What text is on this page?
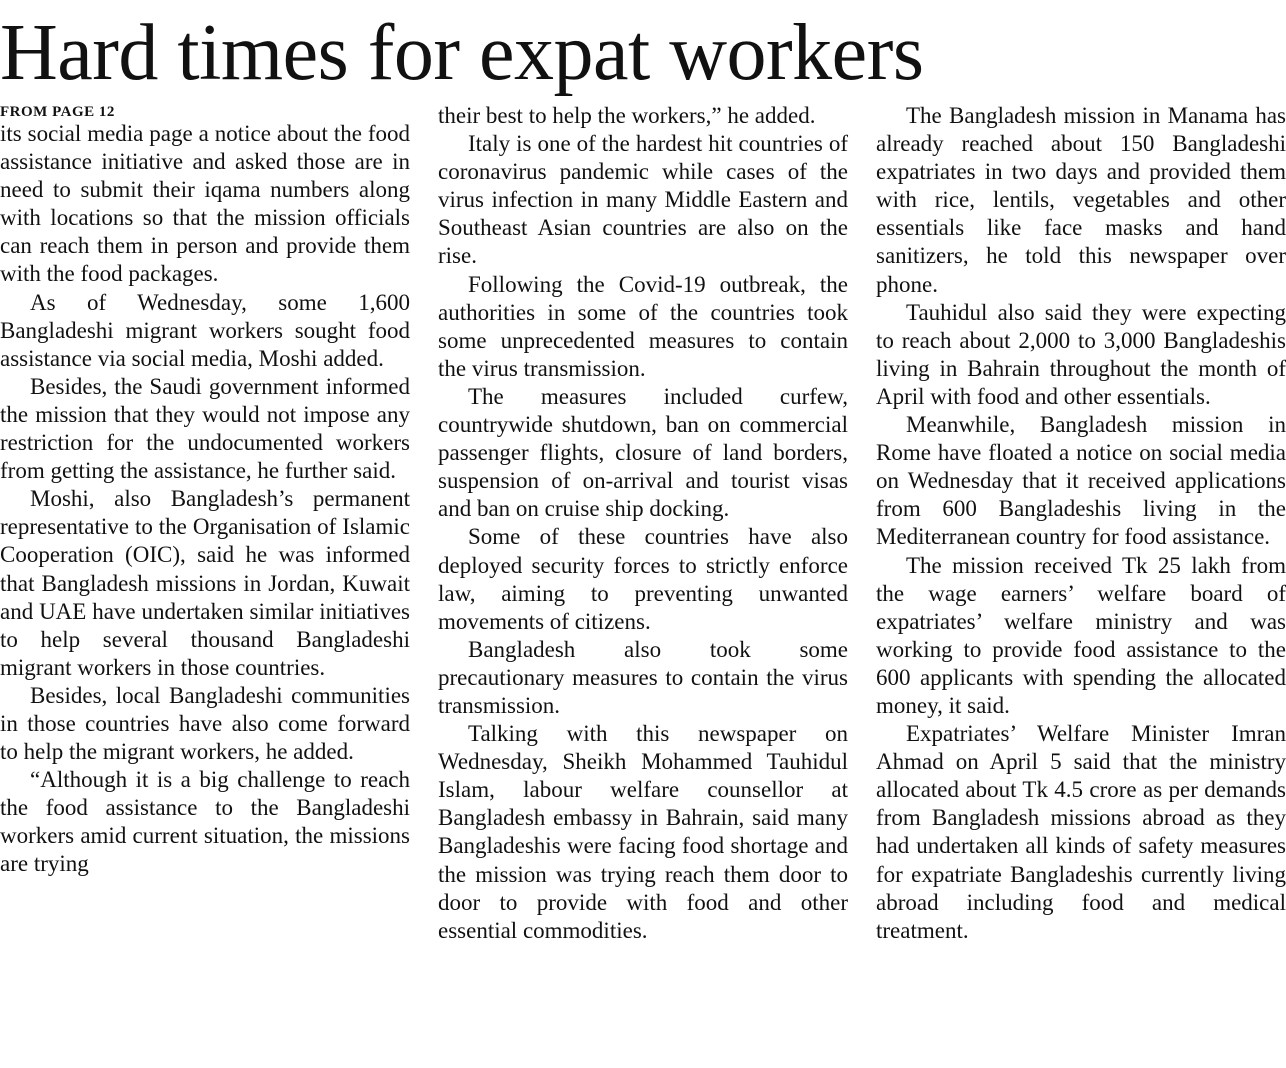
Hard times for expat workers
FROM PAGE 12

its social media page a notice about the food assistance initiative and asked those are in need to submit their iqama numbers along with locations so that the mission officials can reach them in person and provide them with the food packages.

As of Wednesday, some 1,600 Bangladeshi migrant workers sought food assistance via social media, Moshi added.

Besides, the Saudi government informed the mission that they would not impose any restriction for the undocumented workers from getting the assistance, he further said.

Moshi, also Bangladesh’s permanent representative to the Organisation of Islamic Cooperation (OIC), said he was informed that Bangladesh missions in Jordan, Kuwait and UAE have undertaken similar initiatives to help several thousand Bangladeshi migrant workers in those countries.

Besides, local Bangladeshi communities in those countries have also come forward to help the migrant workers, he added.

“Although it is a big challenge to reach the food assistance to the Bangladeshi workers amid current situation, the missions are trying

their best to help the workers,” he added.

Italy is one of the hardest hit countries of coronavirus pandemic while cases of the virus infection in many Middle Eastern and Southeast Asian countries are also on the rise.

Following the Covid-19 outbreak, the authorities in some of the countries took some unprecedented measures to contain the virus transmission.

The measures included curfew, countrywide shutdown, ban on commercial passenger flights, closure of land borders, suspension of on-arrival and tourist visas and ban on cruise ship docking.

Some of these countries have also deployed security forces to strictly enforce law, aiming to preventing unwanted movements of citizens.

Bangladesh also took some precautionary measures to contain the virus transmission.

Talking with this newspaper on Wednesday, Sheikh Mohammed Tauhidul Islam, labour welfare counsellor at Bangladesh embassy in Bahrain, said many Bangladeshis were facing food shortage and the mission was trying reach them door to door to provide with food and other essential commodities.

The Bangladesh mission in Manama has already reached about 150 Bangladeshi expatriates in two days and provided them with rice, lentils, vegetables and other essentials like face masks and hand sanitizers, he told this newspaper over phone.

Tauhidul also said they were expecting to reach about 2,000 to 3,000 Bangladeshis living in Bahrain throughout the month of April with food and other essentials.

Meanwhile, Bangladesh mission in Rome have floated a notice on social media on Wednesday that it received applications from 600 Bangladeshis living in the Mediterranean country for food assistance.

The mission received Tk 25 lakh from the wage earners’ welfare board of expatriates’ welfare ministry and was working to provide food assistance to the 600 applicants with spending the allocated money, it said.

Expatriates’ Welfare Minister Imran Ahmad on April 5 said that the ministry allocated about Tk 4.5 crore as per demands from Bangladesh missions abroad as they had undertaken all kinds of safety measures for expatriate Bangladeshis currently living abroad including food and medical treatment.
